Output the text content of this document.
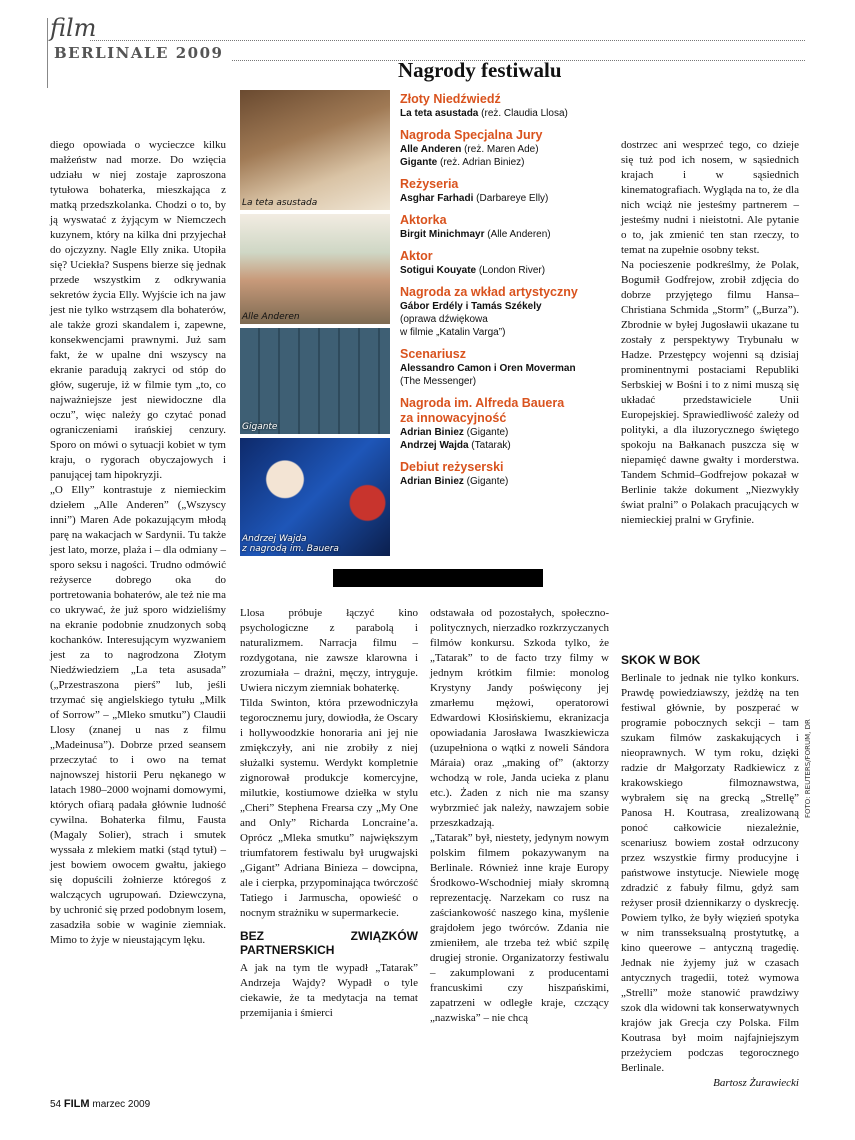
film
BERLINALE 2009
Nagrody festiwalu
La teta asustada
Alle Anderen
Gigante
Andrzej Wajda
z nagrodą im. Bauera
Złoty Niedźwiedź
La teta asustada (reż. Claudia Llosa)
Nagroda Specjalna Jury
Alle Anderen (reż. Maren Ade)
Gigante (reż. Adrian Biniez)
Reżyseria
Asghar Farhadi (Darbareye Elly)
Aktorka
Birgit Minichmayr (Alle Anderen)
Aktor
Sotigui Kouyate (London River)
Nagroda za wkład artystyczny
Gábor Erdély i Tamás Székely
(oprawa dźwiękowa
w filmie „Katalin Varga”)
Scenariusz
Alessandro Camon i Oren Moverman
(The Messenger)
Nagroda im. Alfreda Bauera
za innowacyjność
Adrian Biniez (Gigante)
Andrzej Wajda (Tatarak)
Debiut reżyserski
Adrian Biniez (Gigante)

diego opowiada o wycieczce kilku małżeństw nad morze. Do wzięcia udziału w niej zostaje zaproszona tytułowa bohaterka, mieszkająca z matką przedszkolanka. Chodzi o to, by ją wyswatać z żyjącym w Niemczech kuzynem, który na kilka dni przyjechał do ojczyzny. Nagle Elly znika. Utopiła się? Uciekła? Suspens bierze się jednak przede wszystkim z odkrywania sekretów życia Elly. Wyjście ich na jaw jest nie tylko wstrząsem dla bohaterów, ale także grozi skandalem i, zapewne, konsekwencjami prawnymi. Już sam fakt, że w upalne dni wszyscy na ekranie paradują zakryci od stóp do głów, sugeruje, iż w filmie tym „to, co najważniejsze jest niewidoczne dla oczu”, więc należy go czytać ponad ograniczeniami irańskiej cenzury. Sporo on mówi o sytuacji kobiet w tym kraju, o rygorach obyczajowych i panującej tam hipokryzji.

„O Elly” kontrastuje z niemieckim dziełem „Alle Anderen” („Wszyscy inni”) Maren Ade pokazującym młodą parę na wakacjach w Sardynii. Tu także jest lato, morze, plaża i – dla odmiany – sporo seksu i nagości. Trudno odmówić reżyserce dobrego oka do portretowania bohaterów, ale też nie ma co ukrywać, że już sporo widzieliśmy na ekranie podobnie znudzonych sobą kochanków. Interesującym wyzwaniem jest za to nagrodzona Złotym Niedźwiedziem „La teta asusada” („Przestraszona pierś” lub, jeśli trzymać się angielskiego tytułu „Milk of Sorrow” – „Mleko smutku”) Claudii Llosy (znanej u nas z filmu „Madeinusa”). Dobrze przed seansem przeczytać to i owo na temat najnowszej historii Peru nękanego w latach 1980–2000 wojnami domowymi, których ofiarą padała głównie ludność cywilna. Bohaterka filmu, Fausta (Magaly Solier), strach i smutek wyssała z mlekiem matki (stąd tytuł) – jest bowiem owocem gwałtu, jakiego się dopuścili żołnierze któregoś z walczących ugrupowań. Dziewczyna, by uchronić się przed podobnym losem, zasadziła sobie w waginie ziemniak. Mimo to żyje w nieustającym lęku.

Llosa próbuje łączyć kino psychologiczne z parabolą i naturalizmem. Narracja filmu – rozdygotana, nie zawsze klarowna i zrozumiała – drażni, męczy, intryguje. Uwiera niczym ziemniak bohaterkę.

Tilda Swinton, która przewodniczyła tegorocznemu jury, dowiodła, że Oscary i hollywoodzkie honoraria ani jej nie zmiękczyły, ani nie zrobiły z niej służalki systemu. Werdykt kompletnie zignorował produkcje komercyjne, milutkie, kostiumowe dziełka w stylu „Cheri” Stephena Frearsa czy „My One and Only” Richarda Loncraine’a. Oprócz „Mleka smutku” największym triumfatorem festiwalu był urugwajski „Gigant” Adriana Biniеza – dowcipna, ale i cierpka, przypominająca twórczość Tatiego i Jarmuscha, opowieść o nocnym strażniku w supermarkecie.

BEZ ZWIĄZKÓW PARTNERSKICH

A jak na tym tle wypadł „Tatarak” Andrzeja Wajdy? Wypadł o tyle ciekawie, że ta medytacja na temat przemijania i śmierci

odstawała od pozostałych, społeczno-politycznych, nierzadko rozkrzyczanych filmów konkursu. Szkoda tylko, że „Tatarak” to de facto trzy filmy w jednym krótkim filmie: monolog Krystyny Jandy poświęcony jej zmarłemu mężowi, operatorowi Edwardowi Kłosińskiemu, ekranizacja opowiadania Jarosława Iwaszkiewicza (uzupełniona o wątki z noweli Sándora Máraia) oraz „making of” (aktorzy wchodzą w role, Janda ucieka z planu etc.). Żaden z nich nie ma szansy wybrzmieć jak należy, nawzajem sobie przeszkadzają.

„Tatarak” był, niestety, jedynym nowym polskim filmem pokazywanym na Berlinale. Również inne kraje Europy Środkowo-Wschodniej miały skromną reprezentację. Narzekam co rusz na zaściankowość naszego kina, myślenie grajdołem jego twórców. Zdania nie zmieniłem, ale trzeba też wbić szpilę drugiej stronie. Organizatorzy festiwalu – zakumplowani z producentami francuskimi czy hiszpańskimi, zapatrzeni w odległe kraje, czczący „nazwiska” – nie chcą

dostrzec ani wesprzeć tego, co dzieje się tuż pod ich nosem, w sąsiednich krajach i w sąsiednich kinematografiach. Wygląda na to, że dla nich wciąż nie jesteśmy partnerem – jesteśmy nudni i nieistotni. Ale pytanie o to, jak zmienić ten stan rzeczy, to temat na zupełnie osobny tekst.

Na pocieszenie podkreślmy, że Polak, Bogumił Godfrejow, zrobił zdjęcia do dobrze przyjętego filmu Hansa–Christiana Schmida „Storm” („Burza”). Zbrodnie w byłej Jugosławii ukazane tu zostały z perspektywy Trybunału w Hadze. Przestępcy wojenni są dzisiaj prominentnymi postaciami Republiki Serbskiej w Bośni i to z nimi muszą się układać przedstawiciele Unii Europejskiej. Sprawiedliwość zależy od polityki, a dla iluzorycznego świętego spokoju na Bałkanach puszcza się w niepamięć dawne gwałty i morderstwa. Tandem Schmid–Godfrejow pokazał w Berlinie także dokument „Niezwykły świat pralni” o Polakach pracujących w niemieckiej pralni w Gryfinie.

SKOK W BOK

Berlinale to jednak nie tylko konkurs. Prawdę powiedziawszy, jeżdżę na ten festiwal głównie, by poszperać w programie pobocznych sekcji – tam szukam filmów zaskakujących i nieoprawnych. W tym roku, dzięki radzie dr Małgorzaty Radkiewicz z krakowskiego filmoznawstwa, wybrałem się na grecką „Strellę” Panosa H. Koutrasa, zrealizowaną ponoć całkowicie niezależnie, scenariusz bowiem został odrzucony przez wszystkie firmy producyjne i państwowe instytucje. Niewiele mogę zdradzić z fabuły filmu, gdyż sam reżyser prosił dziennikarzy o dyskrecję. Powiem tylko, że były więzień spotyka w nim transseksualną prostytutkę, a kino queerowe – antyczną tragedię. Jednak nie żyjemy już w czasach antycznych tragedii, toteż wymowa „Strelli” może stanowić prawdziwy szok dla widowni tak konserwatywnych krajów jak Grecja czy Polska. Film Koutrasa był moim najfajniejszym przeżyciem podczas tegorocznego Berlinale.

Bartosz Żurawiecki

FOTO: REUTERS/FORUM, DR
54 FILM marzec 2009
